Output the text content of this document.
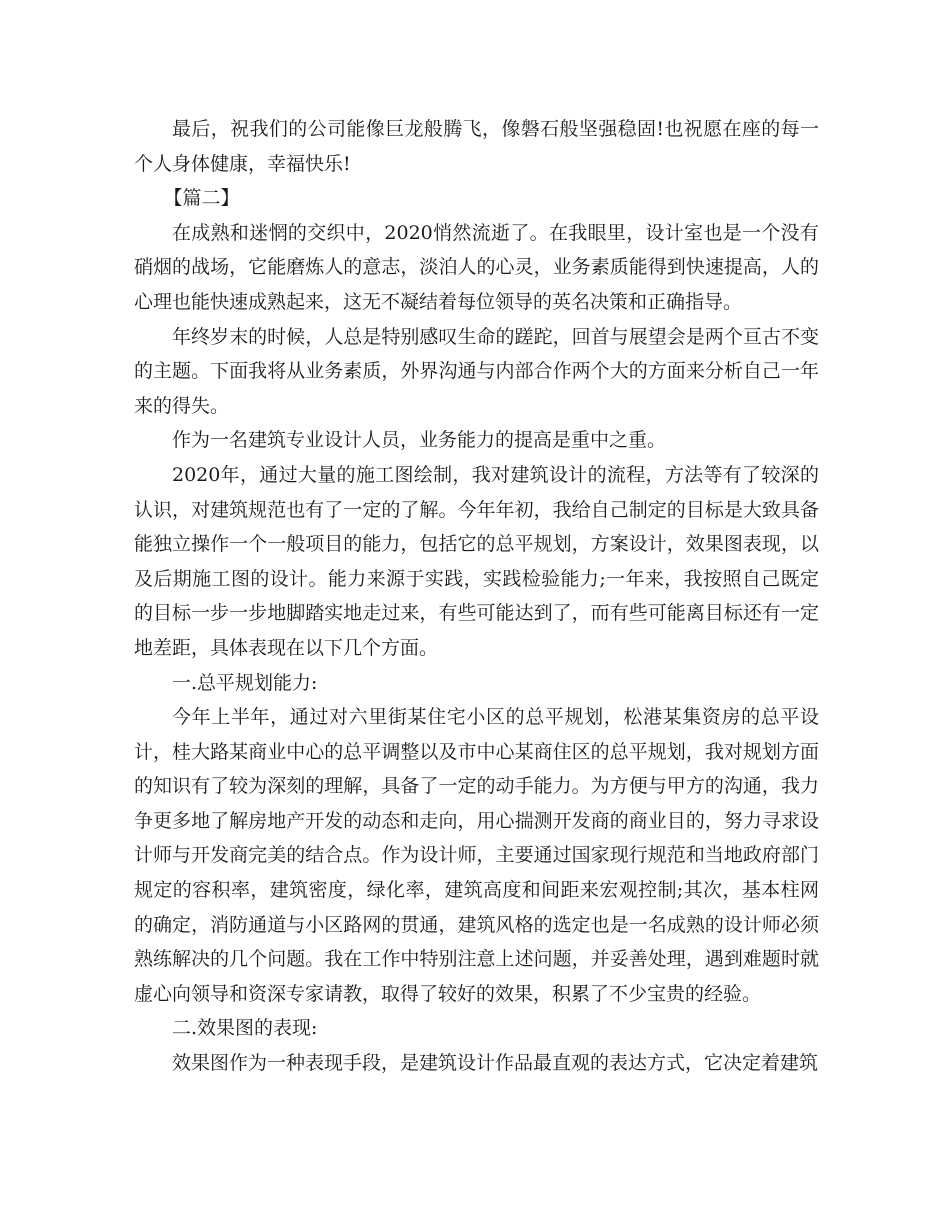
最后，祝我们的公司能像巨龙般腾飞，像磐石般坚强稳固!也祝愿在座的每一个人身体健康，幸福快乐!

【篇二】

在成熟和迷惘的交织中，2020悄然流逝了。在我眼里，设计室也是一个没有硝烟的战场，它能磨炼人的意志，淡泊人的心灵，业务素质能得到快速提高，人的心理也能快速成熟起来，这无不凝结着每位领导的英名决策和正确指导。

年终岁末的时候，人总是特别感叹生命的蹉跎，回首与展望会是两个亘古不变的主题。下面我将从业务素质，外界沟通与内部合作两个大的方面来分析自己一年来的得失。

作为一名建筑专业设计人员，业务能力的提高是重中之重。

2020年，通过大量的施工图绘制，我对建筑设计的流程，方法等有了较深的认识，对建筑规范也有了一定的了解。今年年初，我给自己制定的目标是大致具备能独立操作一个一般项目的能力，包括它的总平规划，方案设计，效果图表现，以及后期施工图的设计。能力来源于实践，实践检验能力;一年来，我按照自己既定的目标一步一步地脚踏实地走过来，有些可能达到了，而有些可能离目标还有一定地差距，具体表现在以下几个方面。

一.总平规划能力:

今年上半年，通过对六里街某住宅小区的总平规划，松港某集资房的总平设计，桂大路某商业中心的总平调整以及市中心某商住区的总平规划，我对规划方面的知识有了较为深刻的理解，具备了一定的动手能力。为方便与甲方的沟通，我力争更多地了解房地产开发的动态和走向，用心揣测开发商的商业目的，努力寻求设计师与开发商完美的结合点。作为设计师，主要通过国家现行规范和当地政府部门规定的容积率，建筑密度，绿化率，建筑高度和间距来宏观控制;其次，基本柱网的确定，消防通道与小区路网的贯通，建筑风格的选定也是一名成熟的设计师必须熟练解决的几个问题。我在工作中特别注意上述问题，并妥善处理，遇到难题时就虚心向领导和资深专家请教，取得了较好的效果，积累了不少宝贵的经验。

二.效果图的表现:

效果图作为一种表现手段，是建筑设计作品最直观的表达方式，它决定着建筑
